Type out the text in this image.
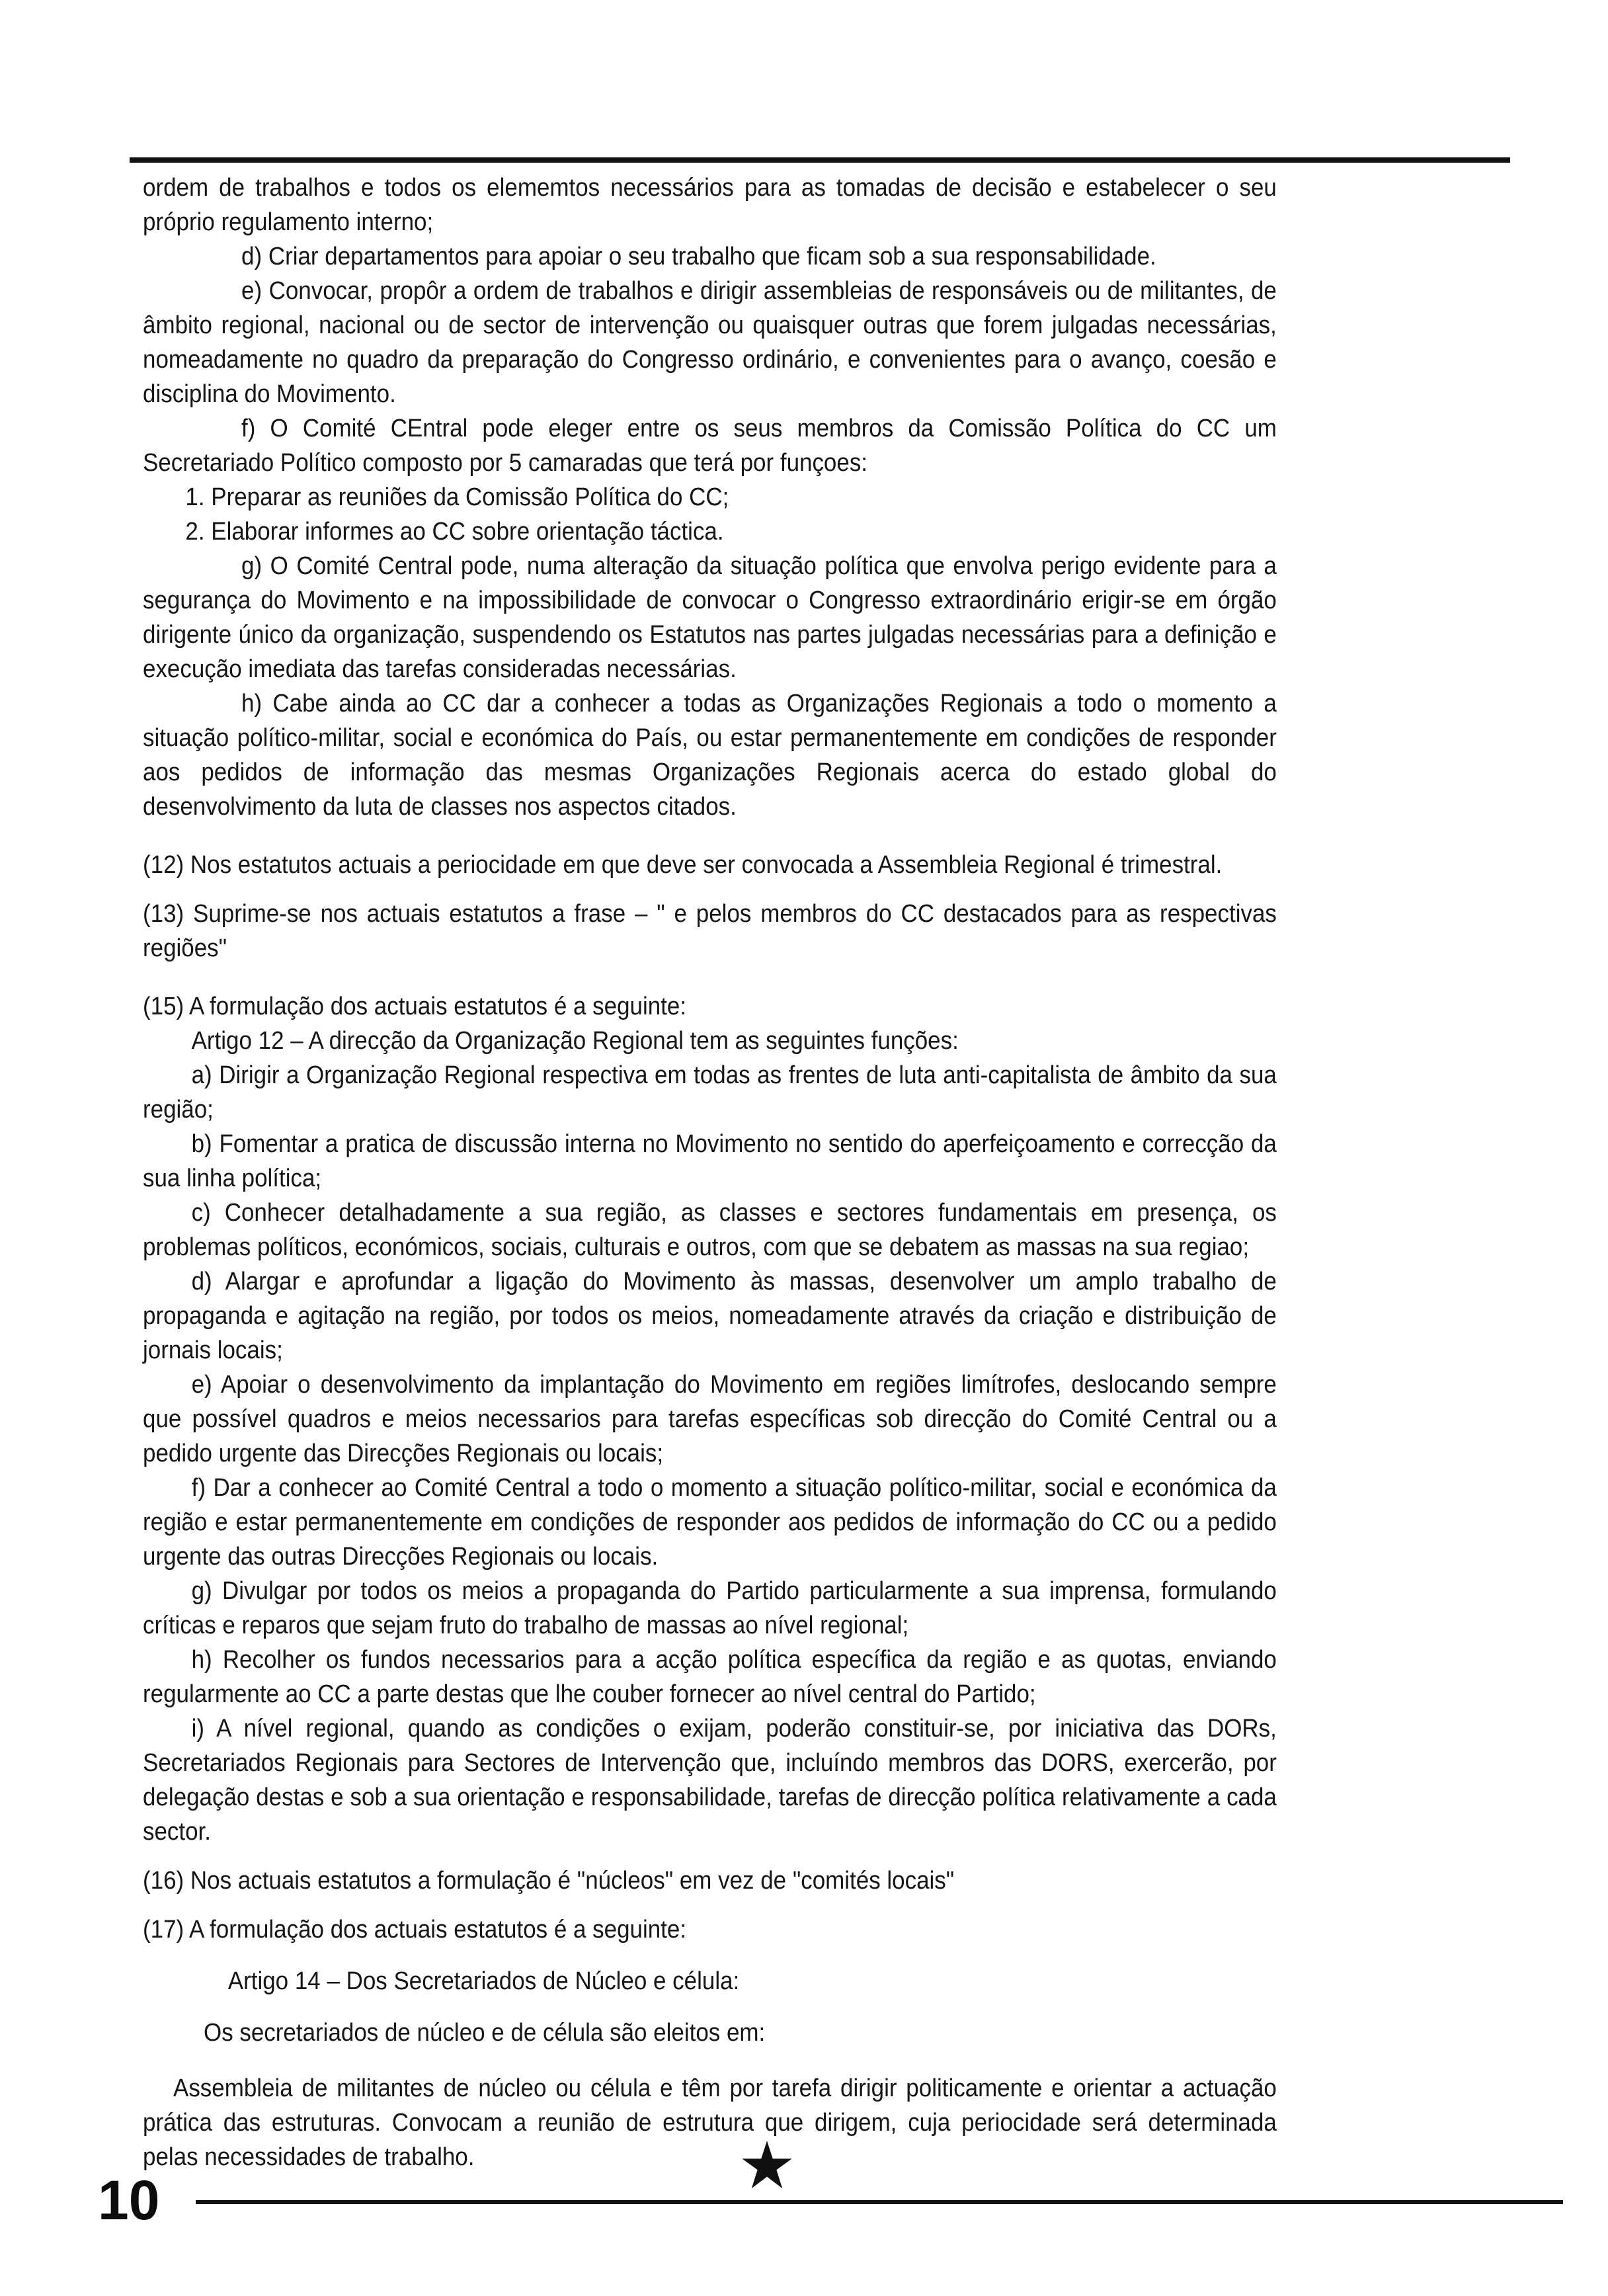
ordem de trabalhos e todos os elememtos necessários para as tomadas de decisão e estabelecer o seu próprio regulamento interno;

d) Criar departamentos para apoiar o seu trabalho que ficam sob a sua responsabilidade.

e) Convocar, propôr a ordem de trabalhos e dirigir assembleias de responsáveis ou de militantes, de âmbito regional, nacional ou de sector de intervenção ou quaisquer outras que forem julgadas necessárias, nomeadamente no quadro da preparação do Congresso ordinário, e convenientes para o avanço, coesão e disciplina do Movimento.

f) O Comité CEntral pode eleger entre os seus membros da Comissão Política do CC um Secretariado Político composto por 5 camaradas que terá por funçoes:

1. Preparar as reuniões da Comissão Política do CC;

2. Elaborar informes ao CC sobre orientação táctica.

g) O Comité Central pode, numa alteração da situação política que envolva perigo evidente para a segurança do Movimento e na impossibilidade de convocar o Congresso extraordinário erigir-se em órgão dirigente único da organização, suspendendo os Estatutos nas partes julgadas necessárias para a definição e execução imediata das tarefas consideradas necessárias.

h) Cabe ainda ao CC dar a conhecer a todas as Organizações Regionais a todo o momento a situação político-militar, social e económica do País, ou estar permanentemente em condições de responder aos pedidos de informação das mesmas Organizações Regionais acerca do estado global do desenvolvimento da luta de classes nos aspectos citados.

(12) Nos estatutos actuais a periocidade em que deve ser convocada a Assembleia Regional é trimestral.

(13) Suprime-se nos actuais estatutos a frase – " e pelos membros do CC destacados para as respectivas regiões"

(15) A formulação dos actuais estatutos é a seguinte:

Artigo 12 – A direcção da Organização Regional tem as seguintes funções:

a) Dirigir a Organização Regional respectiva em todas as frentes de luta anti-capitalista de âmbito da sua região;

b) Fomentar a pratica de discussão interna no Movimento no sentido do aperfeiçoamento e correcção da sua linha política;

c) Conhecer detalhadamente a sua região, as classes e sectores fundamentais em presença, os problemas políticos, económicos, sociais, culturais e outros, com que se debatem as massas na sua regiao;

d) Alargar e aprofundar a ligação do Movimento às massas, desenvolver um amplo trabalho de propaganda e agitação na região, por todos os meios, nomeadamente através da criação e distribuição de jornais locais;

e) Apoiar o desenvolvimento da implantação do Movimento em regiões limítrofes, deslocando sempre que possível quadros e meios necessarios para tarefas específicas sob direcção do Comité Central ou a pedido urgente das Direcções Regionais ou locais;

f) Dar a conhecer ao Comité Central a todo o momento a situação político-militar, social e económica da região e estar permanentemente em condições de responder aos pedidos de informação do CC ou a pedido urgente das outras Direcções Regionais ou locais.

g) Divulgar por todos os meios a propaganda do Partido particularmente a sua imprensa, formulando críticas e reparos que sejam fruto do trabalho de massas ao nível regional;

h) Recolher os fundos necessarios para a acção política específica da região e as quotas, enviando regularmente ao CC a parte destas que lhe couber fornecer ao nível central do Partido;

i) A nível regional, quando as condições o exijam, poderão constituir-se, por iniciativa das DORs, Secretariados Regionais para Sectores de Intervenção que, incluíndo membros das DORS, exercerão, por delegação destas e sob a sua orientação e responsabilidade, tarefas de direcção política relativamente a cada sector.

(16) Nos actuais estatutos a formulação é "núcleos" em vez de "comités locais"

(17) A formulação dos actuais estatutos é a seguinte:

Artigo 14 – Dos Secretariados de Núcleo e célula:

Os secretariados de núcleo e de célula são eleitos em:

Assembleia de militantes de núcleo ou célula e têm por tarefa dirigir politicamente e orientar a actuação prática das estruturas. Convocam a reunião de estrutura que dirigem, cuja periocidade será determinada pelas necessidades de trabalho.

10
